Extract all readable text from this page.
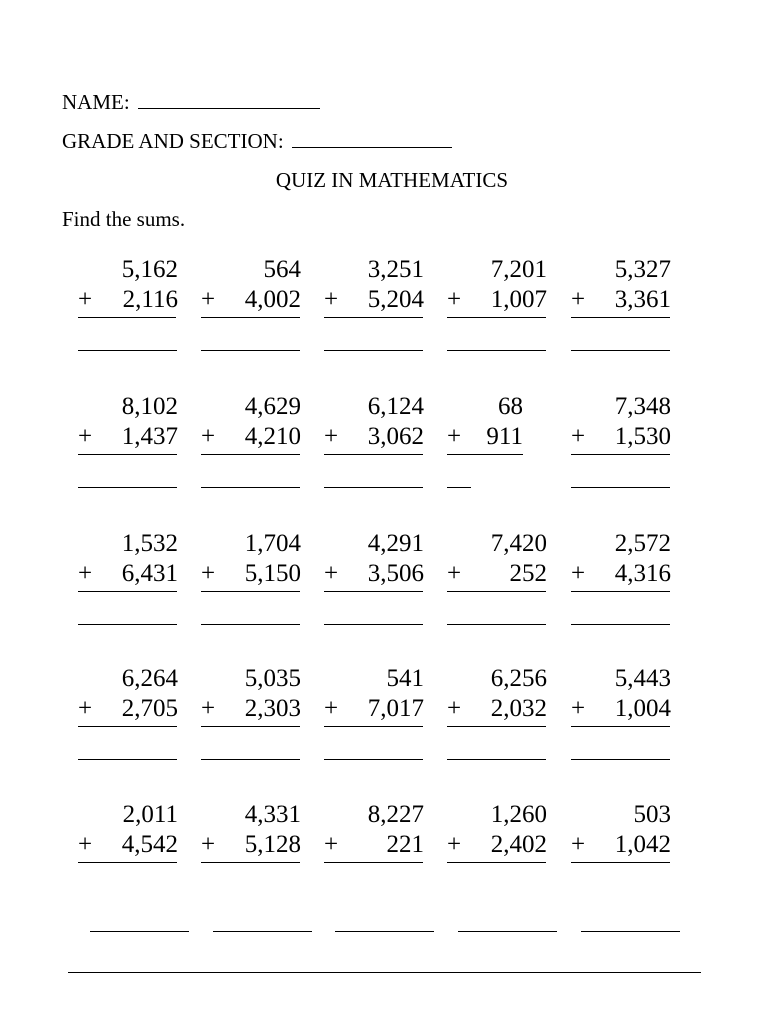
NAME:
GRADE AND SECTION:
QUIZ IN MATHEMATICS
Find the sums.
5,162
+ 2,116
564
+ 4,002
3,251
+ 5,204
7,201
+ 1,007
5,327
+ 3,361
8,102
+ 1,437
4,629
+ 4,210
6,124
+ 3,062
68
+ 911
7,348
+ 1,530
1,532
+ 6,431
1,704
+ 5,150
4,291
+ 3,506
7,420
+ 252
2,572
+ 4,316
6,264
+ 2,705
5,035
+ 2,303
541
+ 7,017
6,256
+ 2,032
5,443
+ 1,004
2,011
+ 4,542
4,331
+ 5,128
8,227
+ 221
1,260
+ 2,402
503
+ 1,042
